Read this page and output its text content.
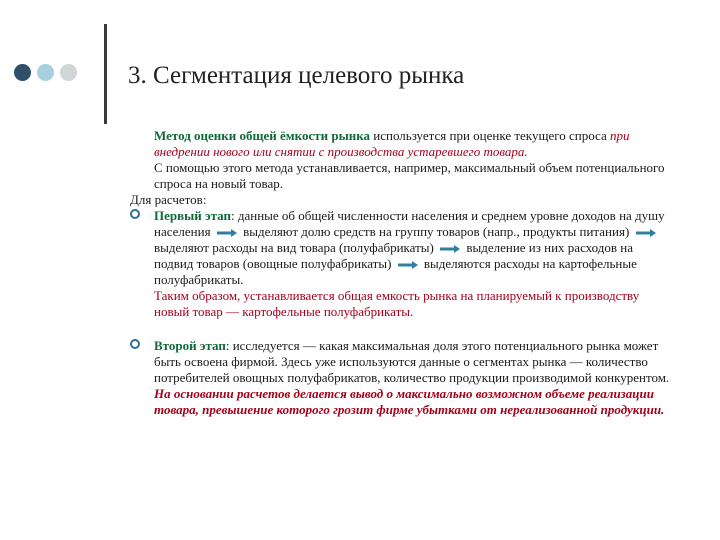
3. Сегментация целевого рынка

Метод оценки общей ёмкости рынка используется при оценке текущего спроса при внедрении нового или снятии с производства устаревшего товара.

С помощью этого метода устанавливается, например, максимальный объем потенциального спроса на новый товар.

Для расчетов:

Первый этап: данные об общей численности населения и среднем уровне доходов на душу населения	выделяют долю средств на группу товаров (напр., продукты питания)
выделяют расходы на вид товара (полуфабрикаты)	выделение из них расходов на подвид товаров (овощные полуфабрикаты)	выделяются расходы на картофельные полуфабрикаты.

Таким образом, устанавливается общая емкость рынка на планируемый к производству новый товар — картофельные полуфабрикаты.

Второй этап: исследуется — какая максимальная доля этого потенциального рынка может быть освоена фирмой. Здесь уже используются данные о сегментах рынка — количество потребителей овощных полуфабрикатов, количество продукции производимой конкурентом. На основании расчетов делается вывод о максимально возможном объеме реализации товара, превышение которого грозит фирме убытками от нереализованной продукции.
